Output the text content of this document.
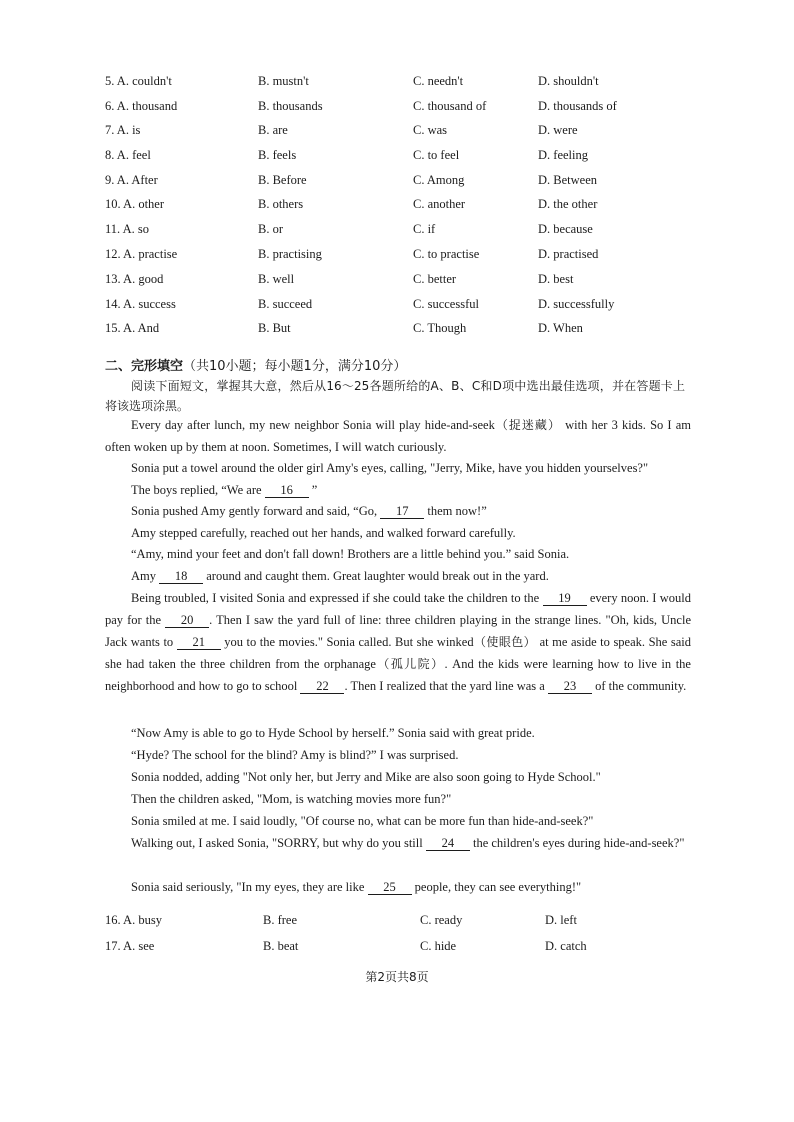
5. A. couldn't	B. mustn't	C. needn't	D. shouldn't
6. A. thousand	B. thousands	C. thousand of	D. thousands of
7. A. is	B. are	C. was	D. were
8. A. feel	B. feels	C. to feel	D. feeling
9. A. After	B. Before	C. Among	D. Between
10. A. other	B. others	C. another	D. the other
11. A. so	B. or	C. if	D. because
12. A. practise	B. practising	C. to practise	D. practised
13. A. good	B. well	C. better	D. best
14. A. success	B. succeed	C. successful	D. successfully
15. A. And	B. But	C. Though	D. When
二、完形填空（共10小题；每小题1分，满分10分）
阅读下面短文，掌握其大意，然后从16～25各题所给的A、B、C和D项中选出最佳选项，并在答题卡上将该选项涂黑。
Every day after lunch, my new neighbor Sonia will play hide-and-seek（捉迷藏） with her 3 kids. So I am often woken up by them at noon. Sometimes, I will watch curiously.
Sonia put a towel around the older girl Amy's eyes, calling, "Jerry, Mike, have you hidden yourselves?"
The boys replied, “We are 16 ”
Sonia pushed Amy gently forward and said, “Go, 17 them now!”
Amy stepped carefully, reached out her hands, and walked forward carefully.
“Amy, mind your feet and don't fall down! Brothers are a little behind you.” said Sonia.
Amy 18 around and caught them. Great laughter would break out in the yard.
Being troubled, I visited Sonia and expressed if she could take the children to the 19 every noon. I would pay for the 20 . Then I saw the yard full of line: three children playing in the strange lines. "Oh, kids, Uncle Jack wants to 21 you to the movies." Sonia called. But she winked（使眼色） at me aside to speak. She said she had taken the three children from the orphanage（孤儿院）. And the kids were learning how to live in the neighborhood and how to go to school 22 . Then I realized that the yard line was a 23 of the community.
“Now Amy is able to go to Hyde School by herself.” Sonia said with great pride.
“Hyde? The school for the blind? Amy is blind?” I was surprised.
Sonia nodded, adding "Not only her, but Jerry and Mike are also soon going to Hyde School."
Then the children asked, "Mom, is watching movies more fun?"
Sonia smiled at me. I said loudly, "Of course no, what can be more fun than hide-and-seek?"
Walking out, I asked Sonia, "SORRY, but why do you still 24 the children's eyes during hide-and-seek?"
Sonia said seriously, "In my eyes, they are like 25 people, they can see everything!"
16. A. busy	B. free	C. ready	D. left
17. A. see	B. beat	C. hide	D. catch
第2页共8页
